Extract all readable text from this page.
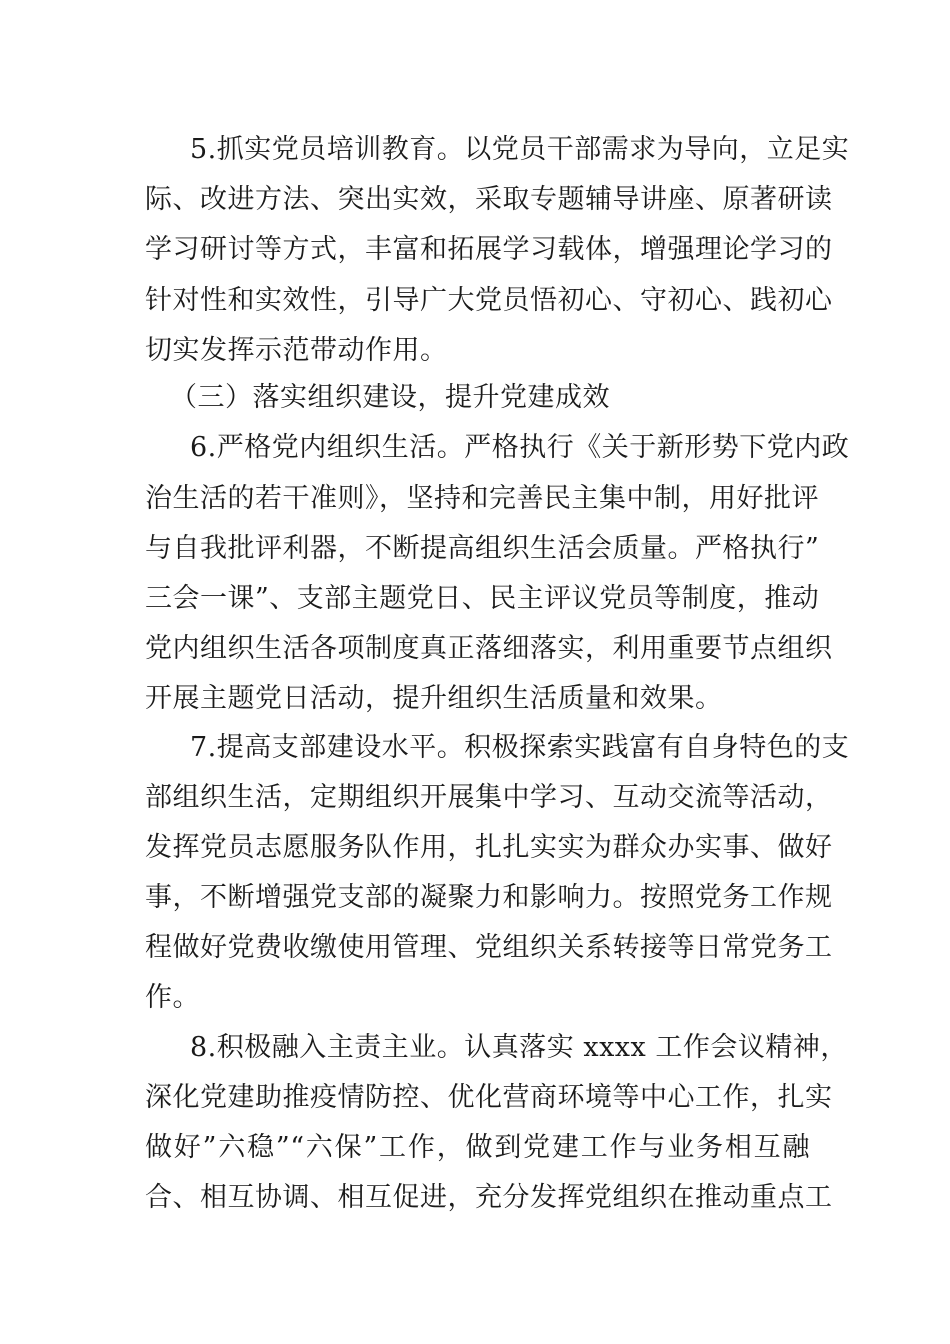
5.抓实党员培训教育。以党员干部需求为导向，立足实
际、改进方法、突出实效，采取专题辅导讲座、原著研读
学习研讨等方式，丰富和拓展学习载体，增强理论学习的
针对性和实效性，引导广大党员悟初心、守初心、践初心
切实发挥示范带动作用。
（三）落实组织建设，提升党建成效
6.严格党内组织生活。严格执行《关于新形势下党内政
治生活的若干准则》，坚持和完善民主集中制，用好批评
与自我批评利器，不断提高组织生活会质量。严格执行”
三会一课”、支部主题党日、民主评议党员等制度，推动
党内组织生活各项制度真正落细落实，利用重要节点组织
开展主题党日活动，提升组织生活质量和效果。
7.提高支部建设水平。积极探索实践富有自身特色的支
部组织生活，定期组织开展集中学习、互动交流等活动，
发挥党员志愿服务队作用，扎扎实实为群众办实事、做好
事，不断增强党支部的凝聚力和影响力。按照党务工作规
程做好党费收缴使用管理、党组织关系转接等日常党务工
作。
8.积极融入主责主业。认真落实 xxxx 工作会议精神，
深化党建助推疫情防控、优化营商环境等中心工作，扎实
做好”六稳”“六保”工作，做到党建工作与业务相互融
合、相互协调、相互促进，充分发挥党组织在推动重点工
